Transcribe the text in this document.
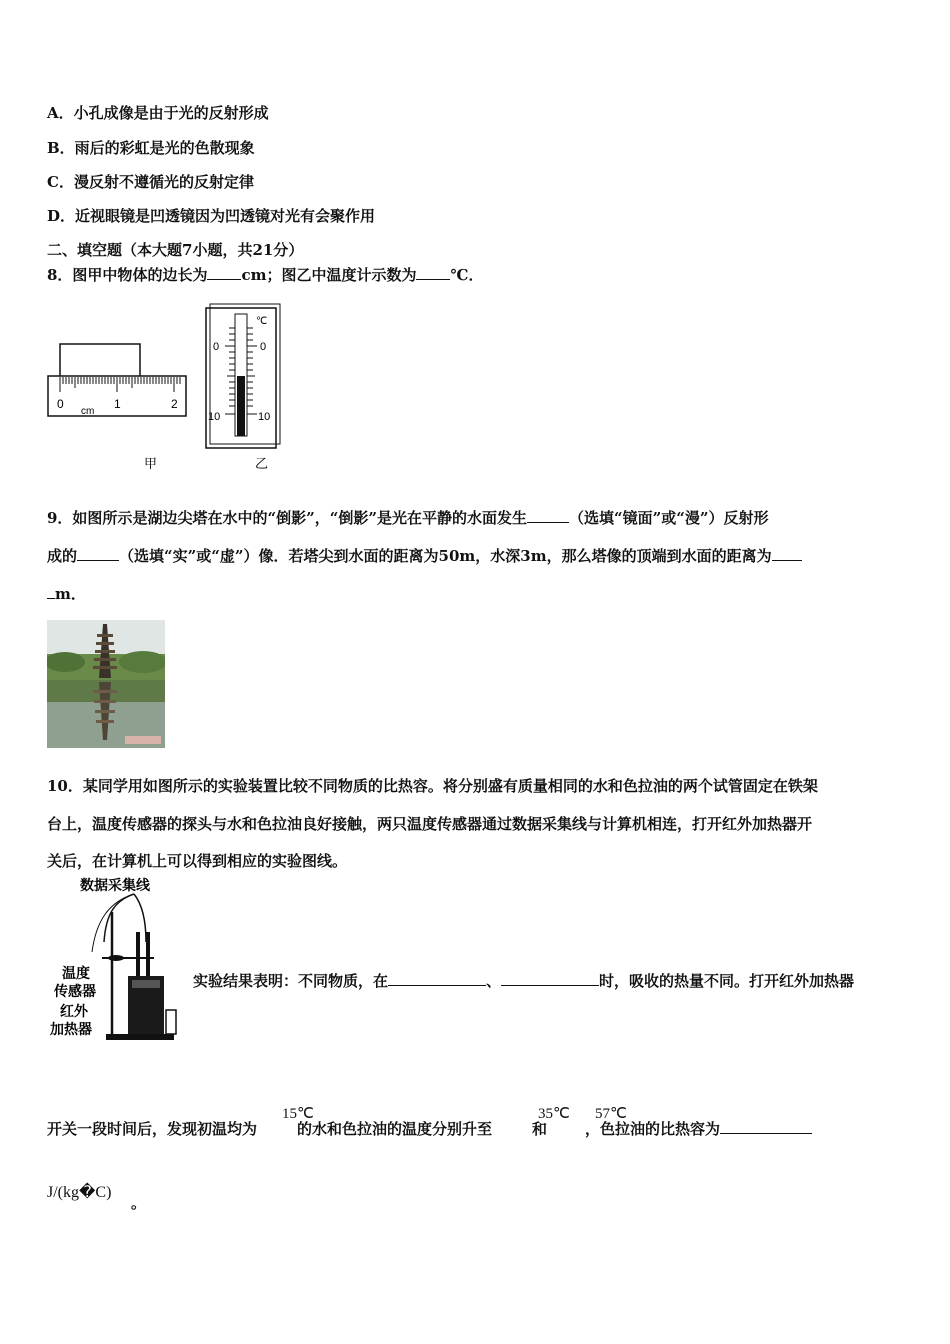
A．小孔成像是由于光的反射形成
B．雨后的彩虹是光的色散现象
C．漫反射不遵循光的反射定律
D．近视眼镜是凹透镜因为凹透镜对光有会聚作用
二、填空题（本大题7小题，共21分）
8．图甲中物体的边长为 cm；图乙中温度计示数为 ℃．
0	1	2
cm
甲
℃
0	0
10	10
乙
9．如图所示是湖边尖塔在水中的“倒影”，“倒影”是光在平静的水面发生	（选填“镜面”或“漫”）反射形
成的	（选填“实”或“虚”）像．若塔尖到水面的距离为50m，水深3m，那么塔像的顶端到水面的距离为
m．
10．某同学用如图所示的实验装置比较不同物质的比热容。将分别盛有质量相同的水和色拉油的两个试管固定在铁架
台上，温度传感器的探头与水和色拉油良好接触，两只温度传感器通过数据采集线与计算机相连，打开红外加热器开
关后，在计算机上可以得到相应的实验图线。
数据采集线
温度
传感器
红外
加热器
实验结果表明：不同物质，在	、	时，吸收的热量不同。打开红外加热器
开关一段时间后，发现初温均为	的水和色拉油的温度分别升至	和	，色拉油的比热容为
15℃	35℃ 57℃
J/(kg�C)
。
